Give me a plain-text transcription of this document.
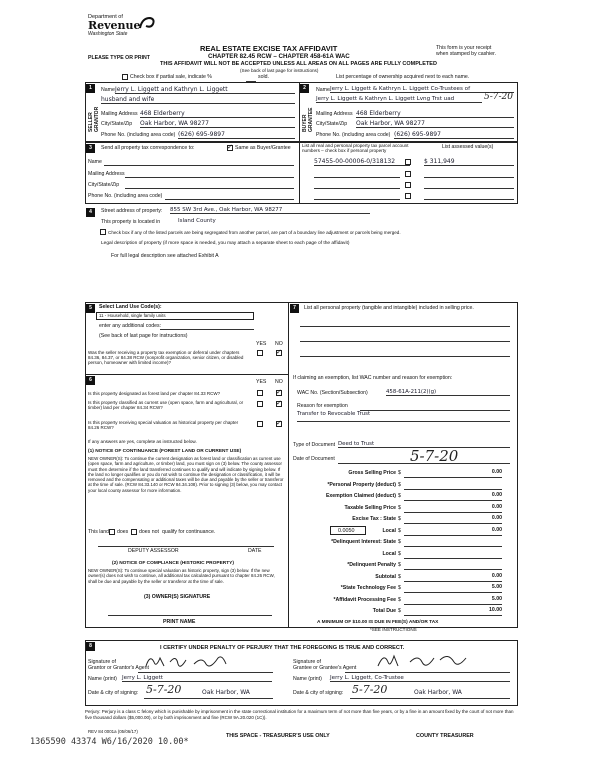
Department of
Revenue
Washington State
PLEASE TYPE OR PRINT
REAL ESTATE EXCISE TAX AFFIDAVIT
CHAPTER 82.45 RCW – CHAPTER 458-61A WAC
THIS AFFIDAVIT WILL NOT BE ACCEPTED UNLESS ALL AREAS ON ALL PAGES ARE FULLY COMPLETED
(See back of last page for instructions)
This form is your receipt
when stamped by cashier.
Check box if partial sale, indicate %	sold.	List percentage of ownership acquired next to each name.
1	2
SELLER GRANTOR	BUYER GRANTEE
Name Jerry L. Liggett and Kathryn L. Liggett
husband and wife
Mailing Address 468 Elderberry
City/State/Zip Oak Harbor, WA 98277
Phone No. (including area code) (626) 695-9897
Name Jerry L. Liggett & Kathryn L. Liggett Co-Trustees of
Jerry L. Liggett & Kathryn L. Liggett Lvng Trst uad	5-7-20
Mailing Address 468 Elderberry
City/State/Zip Oak Harbor, WA 98277
Phone No. (including area code) (626) 695-9897
3	Send all property tax correspondence to:
✓	Same as Buyer/Grantee
Name
Mailing Address
City/State/Zip
Phone No. (including area code)
List all real and personal property tax parcel account numbers – check box if personal property
List assessed value(s)
57455-00-00006-0/318132	$ 311,949
4	Street address of property: 855 SW 3rd Ave., Oak Harbor, WA 98277
This property is located in	Island County
Check box if any of the listed parcels are being segregated from another parcel, are part of a boundary line adjustment or parcels being merged.
Legal description of property (if more space is needed, you may attach a separate sheet to each page of the affidavit)
For full legal description see attached Exhibit A
5	Select Land Use Code(s):
11 - Household, single family units
enter any additional codes:
(See back of last page for instructions)
YES NO
Was the seller receiving a property tax exemption or deferral under chapters 84.36, 84.37, or 84.38 RCW (nonprofit organization, senior citizen, or disabled person, homeowner with limited income)?
✓
6	YES NO
Is this property designated as forest land per chapter 84.33 RCW?
✓
Is this property classified as current use (open space, farm and agricultural, or timber) land per chapter 84.34 RCW?
✓
Is this property receiving special valuation as historical property per chapter 84.26 RCW?
✓
If any answers are yes, complete as instructed below.
(1) NOTICE OF CONTINUANCE (FOREST LAND OR CURRENT USE)
NEW OWNER(S): To continue the current designation as forest land or classification as current use (open space, farm and agriculture, or timber) land, you must sign on (3) below. The county assessor must then determine if the land transferred continues to qualify and will indicate by signing below. If the land no longer qualifies or you do not wish to continue the designation or classification, it will be removed and the compensating or additional taxes will be due and payable by the seller or transferor at the time of sale. (RCW 84.33.140 or RCW 84.34.108). Prior to signing (3) below, you may contact your local county assessor for more information.
This land does does not qualify for continuance.
DEPUTY ASSESSOR	DATE
(2) NOTICE OF COMPLIANCE (HISTORIC PROPERTY)
NEW OWNER(S): To continue special valuation as historic property, sign (3) below. If the new owner(s) does not wish to continue, all additional tax calculated pursuant to chapter 84.26 RCW, shall be due and payable by the seller or transferor at the time of sale.
(3) OWNER(S) SIGNATURE
PRINT NAME
7	List all personal property (tangible and intangible) included in selling price.
If claiming an exemption, list WAC number and reason for exemption:
WAC No. (Section/Subsection)	458-61A-211(2)(g)
Reason for exemption
Transfer to Revocable Trust
Type of Document Deed to Trust
Date of Document	5-7-20
Gross Selling Price $	0.00
*Personal Property (deduct) $
Exemption Claimed (deduct) $	0.00
Taxable Selling Price $	0.00
Excise Tax : State $	0.00
Local $	0.00
*Delinquent Interest: State $
Local $
*Delinquent Penalty $
Subtotal $	0.00
*State Technology Fee $	5.00
*Affidavit Processing Fee $	5.00
Total Due $	10.00
0.0050
A MINIMUM OF $10.00 IS DUE IN FEE(S) AND/OR TAX
*SEE INSTRUCTIONS
8	I CERTIFY UNDER PENALTY OF PERJURY THAT THE FOREGOING IS TRUE AND CORRECT.
Signature of
Grantor or Grantor's Agent
Name (print) Jerry L. Liggett
Date & city of signing: 5-7-20	Oak Harbor, WA
Signature of
Grantee or Grantee's Agent
Name (print) Jerry L. Liggett, Co-Trustee
Date & city of signing: 5-7-20	Oak Harbor, WA
Perjury: Perjury is a class C felony which is punishable by imprisonment in the state correctional institution for a maximum term of not more than five years, or by a fine in an amount fixed by the court of not more than five thousand dollars ($5,000.00), or by both imprisonment and fine (RCW 9A.20.020 (1C)).
REV 84 0001a (05/06/17)
THIS SPACE - TREASURER'S USE ONLY	COUNTY TREASURER
1365590 43374 W6/16/2020 10.00*
